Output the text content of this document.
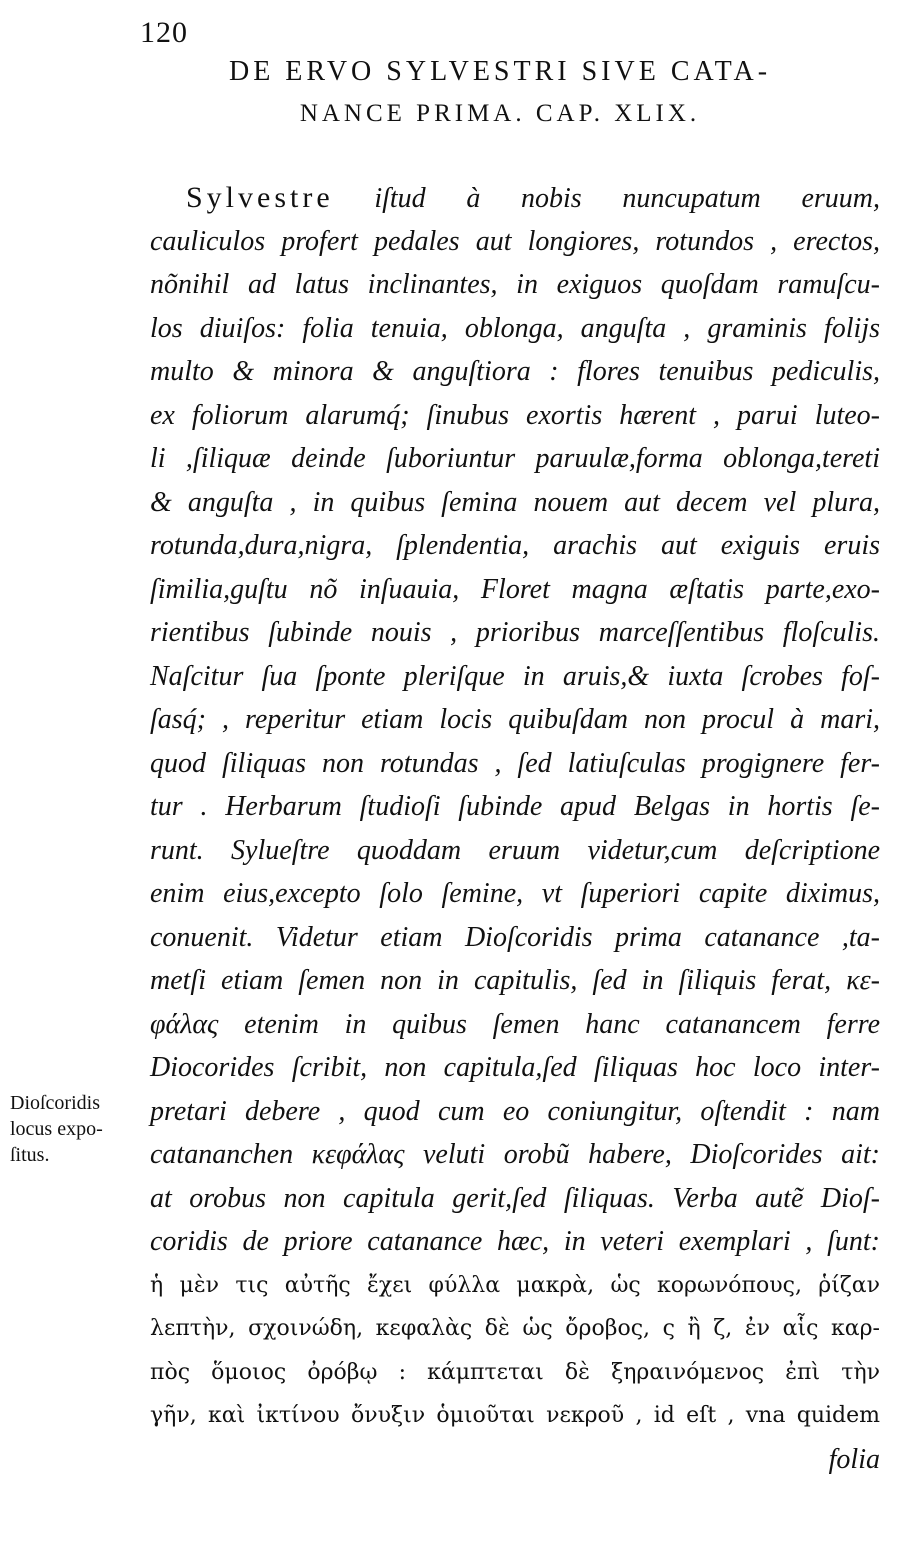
120
DE ERVO SYLVESTRI SIVE CATA-
NANCE PRIMA. CAP. XLIX.
Sylvestre iſtud à nobis nuncupatum eruum,
cauliculos profert pedales aut longiores, rotundos , erectos,
nõnihil ad latus inclinantes, in exiguos quoſdam ramuſcu-
los diuiſos: folia tenuia, oblonga, anguſta , graminis folijs
multo & minora & anguſtiora : flores tenuibus pediculis,
ex foliorum alarumq́; ſinubus exortis hærent , parui luteo-
li ,ſiliquæ deinde ſuboriuntur paruulæ,forma oblonga,tereti
& anguſta , in quibus ſemina nouem aut decem vel plura,
rotunda,dura,nigra, ſplendentia, arachis aut exiguis eruis
ſimilia,guſtu nõ inſuauia, Floret magna æſtatis parte,exo-
rientibus ſubinde nouis , prioribus marceſſentibus floſculis.
Naſcitur ſua ſponte pleriſque in aruis,& iuxta ſcrobes foſ-
ſasq́; , reperitur etiam locis quibuſdam non procul à mari,
quod ſiliquas non rotundas , ſed latiuſculas progignere fer-
tur . Herbarum ſtudioſi ſubinde apud Belgas in hortis ſe-
runt. Sylueſtre quoddam eruum videtur,cum deſcriptione
enim eius,excepto ſolo ſemine, vt ſuperiori capite diximus,
conuenit. Videtur etiam Dioſcoridis prima catanance ,ta-
metſi etiam ſemen non in capitulis, ſed in ſiliquis ferat, κε-
φάλας etenim in quibus ſemen hanc catanancem ferre
Diocorides ſcribit, non capitula,ſed ſiliquas hoc loco inter-
pretari debere , quod cum eo coniungitur, oſtendit : nam
catananchen κεφάλας veluti orobũ habere, Dioſcorides ait:
at orobus non capitula gerit,ſed ſiliquas. Verba autẽ Dioſ-
coridis de priore catanance hæc, in veteri exemplari , ſunt:
ἡ μὲν τις αὐτῆς ἔχει φύλλα μακρὰ, ὡς κορωνόπους, ῥίζαν
λεπτὴν, σχοινώδη, κεφαλὰς δὲ ὡς ὄροβος, ς ἢ ζ, ἐν αἷς καρ-
πὸς ὅμοιος ὀρόβῳ : κάμπτεται δὲ ξηραινόμενος ἐπὶ τὴν
γῆν, καὶ ἰκτίνου ὄνυξιν ὁμιοῦται νεκροῦ , id eſt , vna quidem
folia
Dioſcoridis
locus expo-
ſitus.
